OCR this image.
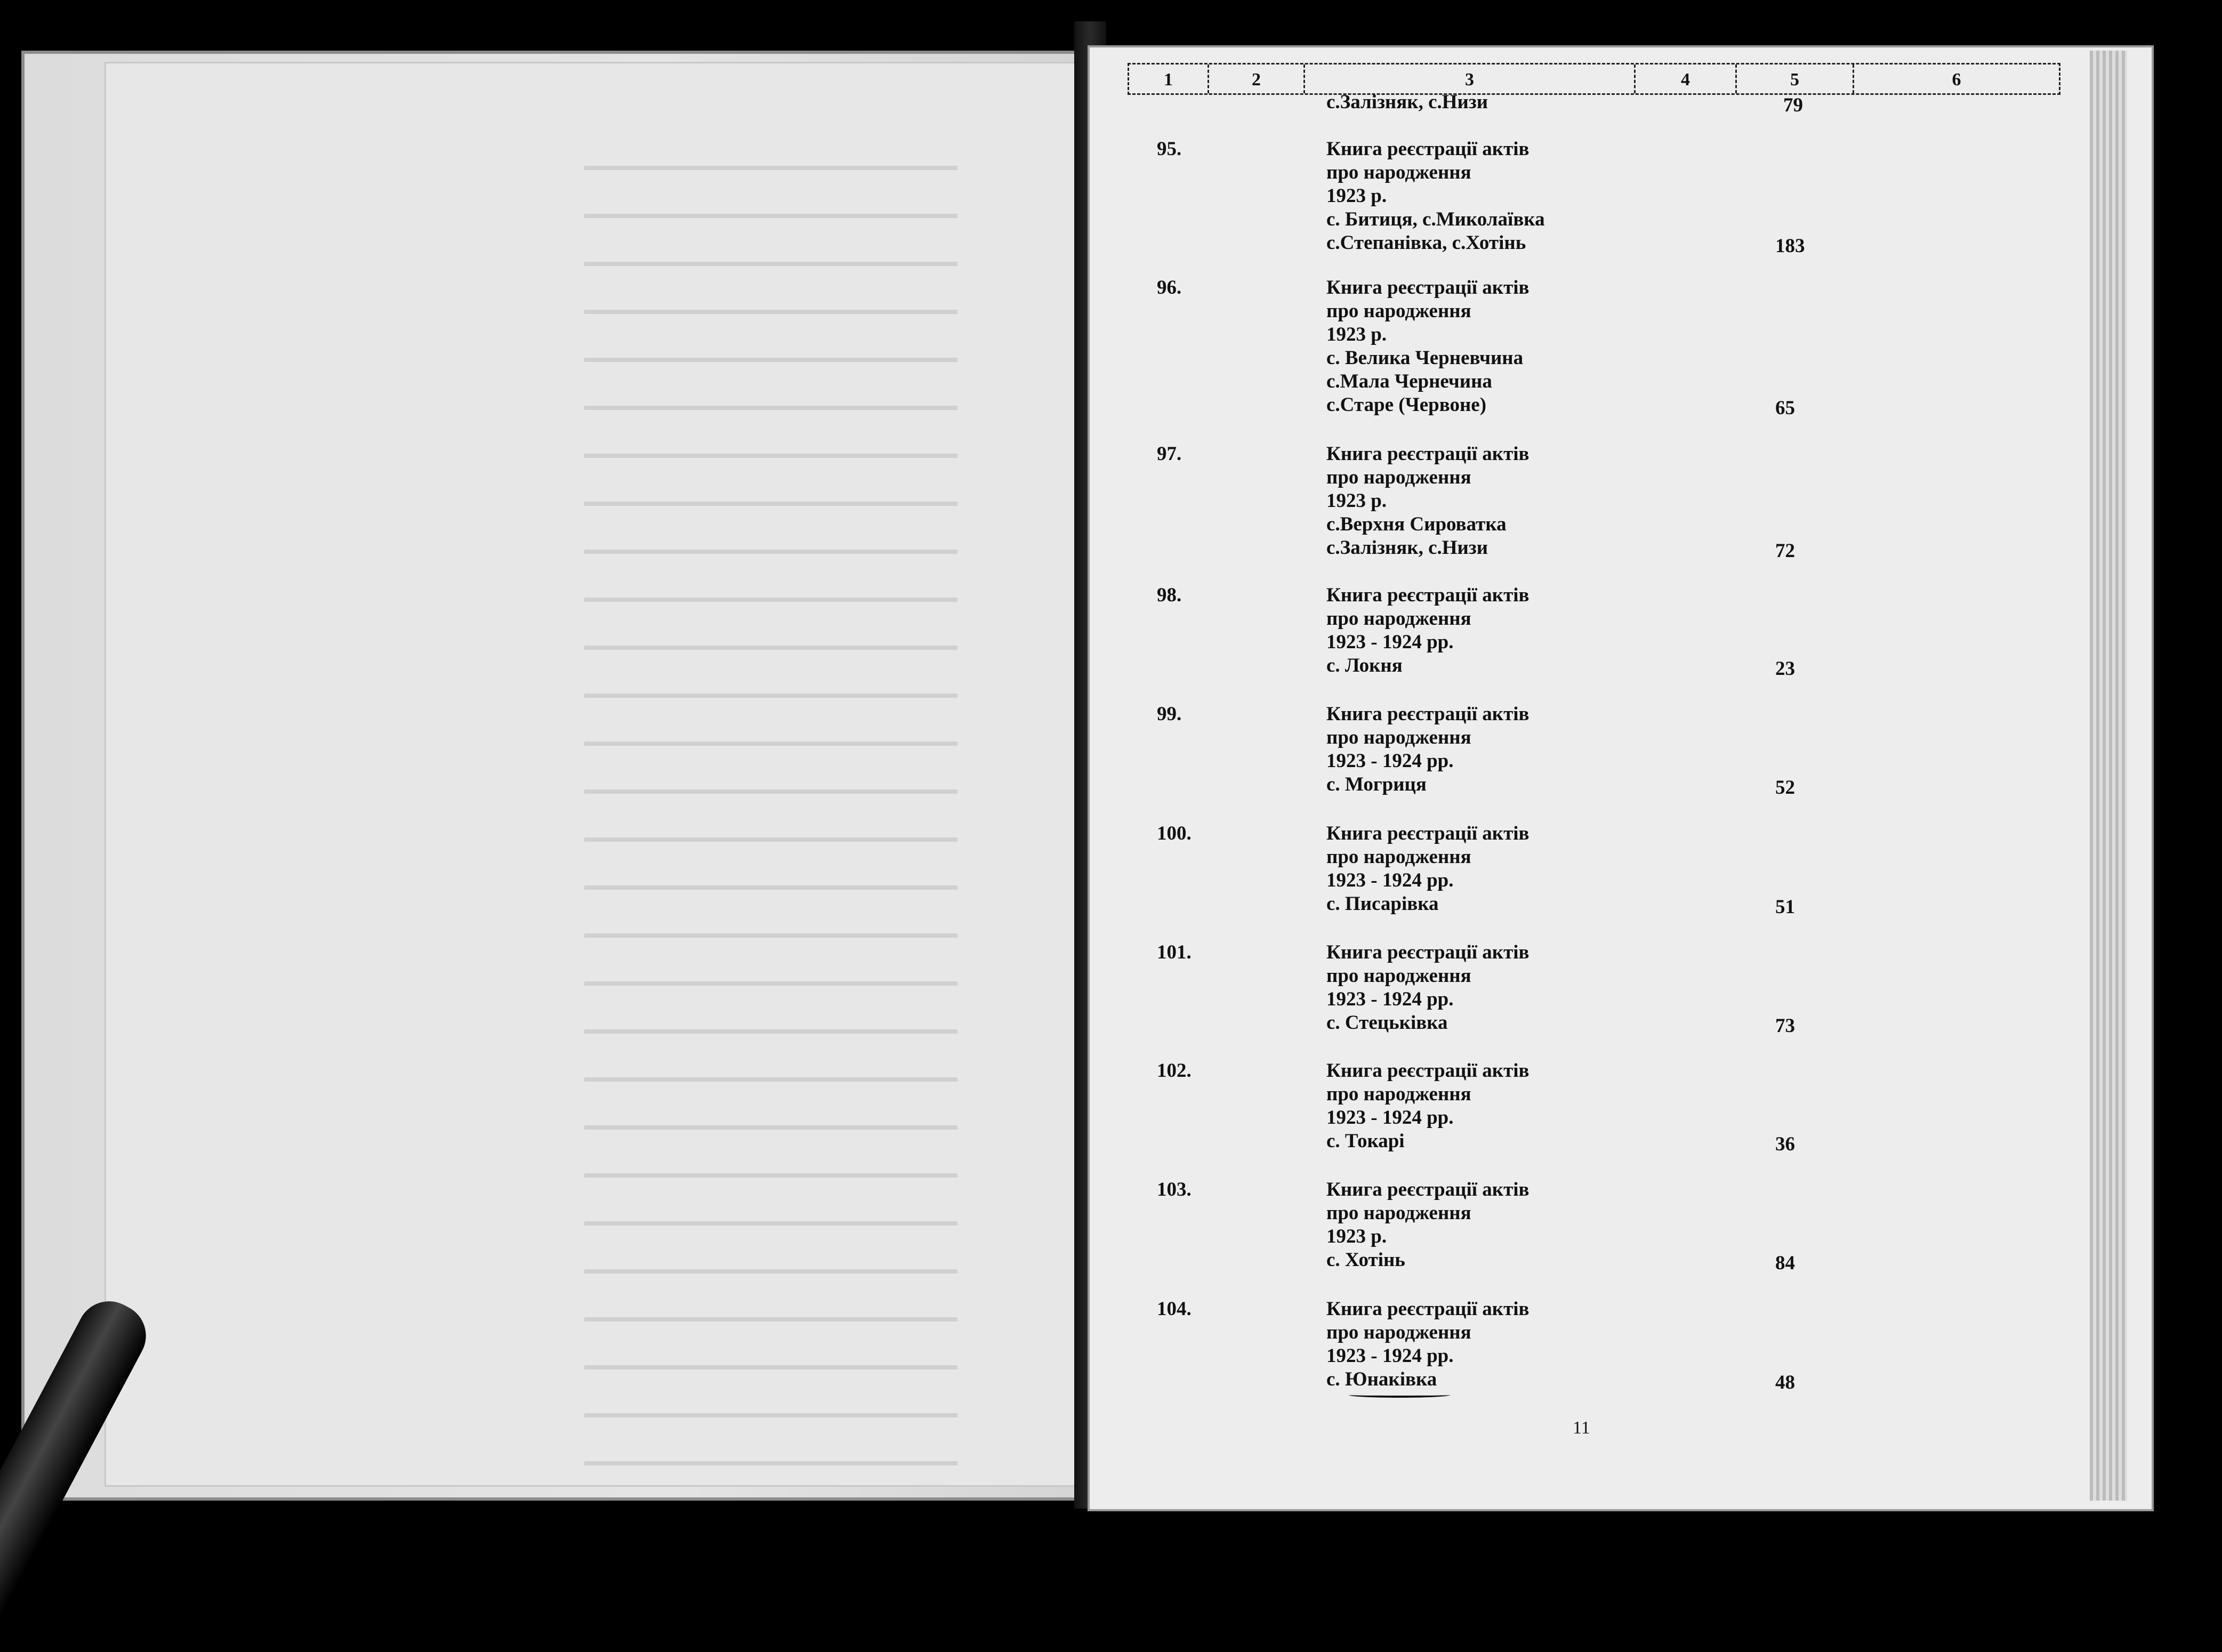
1	2	3	4	5	6
с.Залізняк, с.Низи	79
95.	Книга реєстрації актів
про народження
1923 р.
с. Битиця, с.Миколаївка
с.Степанівка, с.Хотінь	183
96.	Книга реєстрації актів
про народження
1923 р.
с. Велика Черневчина
с.Мала Чернечина
с.Старе (Червоне)	65
97.	Книга реєстрації актів
про народження
1923 р.
с.Верхня Сироватка
с.Залізняк, с.Низи	72
98.	Книга реєстрації актів
про народження
1923 - 1924 рр.
с. Локня	23
99.	Книга реєстрації актів
про народження
1923 - 1924 рр.
с. Могриця	52
100.	Книга реєстрації актів
про народження
1923 - 1924 рр.
с. Писарівка	51
101.	Книга реєстрації актів
про народження
1923 - 1924 рр.
с. Стецьківка	73
102.	Книга реєстрації актів
про народження
1923 - 1924 рр.
с. Токарі	36
103.	Книга реєстрації актів
про народження
1923 р.
с. Хотінь	84
104.	Книга реєстрації актів
про народження
1923 - 1924 рр.
с. Юнаківка	48
11
